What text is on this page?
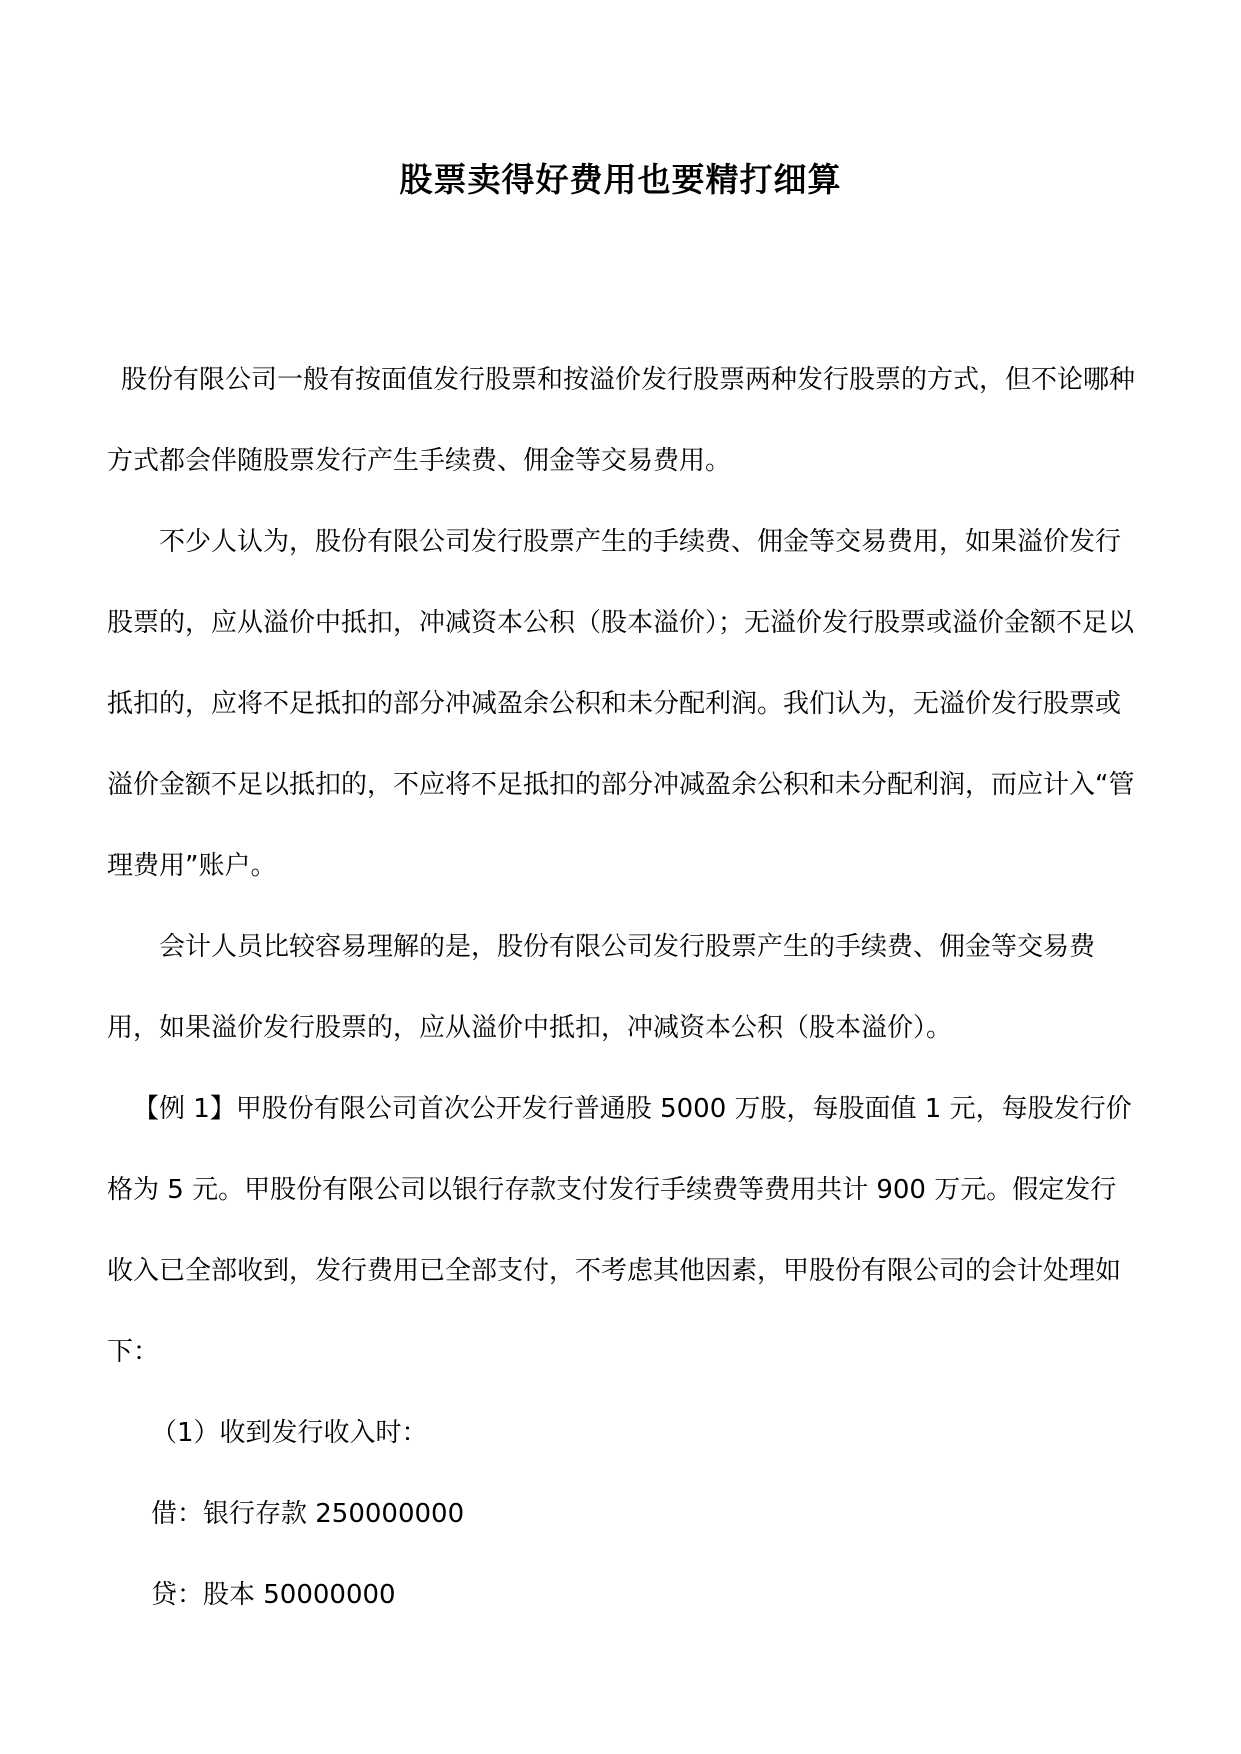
股票卖得好费用也要精打细算

股份有限公司一般有按面值发行股票和按溢价发行股票两种发行股票的方式，但不论哪种方式都会伴随股票发行产生手续费、佣金等交易费用。

不少人认为，股份有限公司发行股票产生的手续费、佣金等交易费用，如果溢价发行股票的，应从溢价中抵扣，冲减资本公积（股本溢价）；无溢价发行股票或溢价金额不足以抵扣的，应将不足抵扣的部分冲减盈余公积和未分配利润。我们认为，无溢价发行股票或溢价金额不足以抵扣的，不应将不足抵扣的部分冲减盈余公积和未分配利润，而应计入“管理费用”账户。

会计人员比较容易理解的是，股份有限公司发行股票产生的手续费、佣金等交易费用，如果溢价发行股票的，应从溢价中抵扣，冲减资本公积（股本溢价）。

【例 1】甲股份有限公司首次公开发行普通股 5000 万股，每股面值 1 元，每股发行价格为 5 元。甲股份有限公司以银行存款支付发行手续费等费用共计 900 万元。假定发行收入已全部收到，发行费用已全部支付，不考虑其他因素，甲股份有限公司的会计处理如下：

（1）收到发行收入时：

借：银行存款 250000000

贷：股本 50000000
